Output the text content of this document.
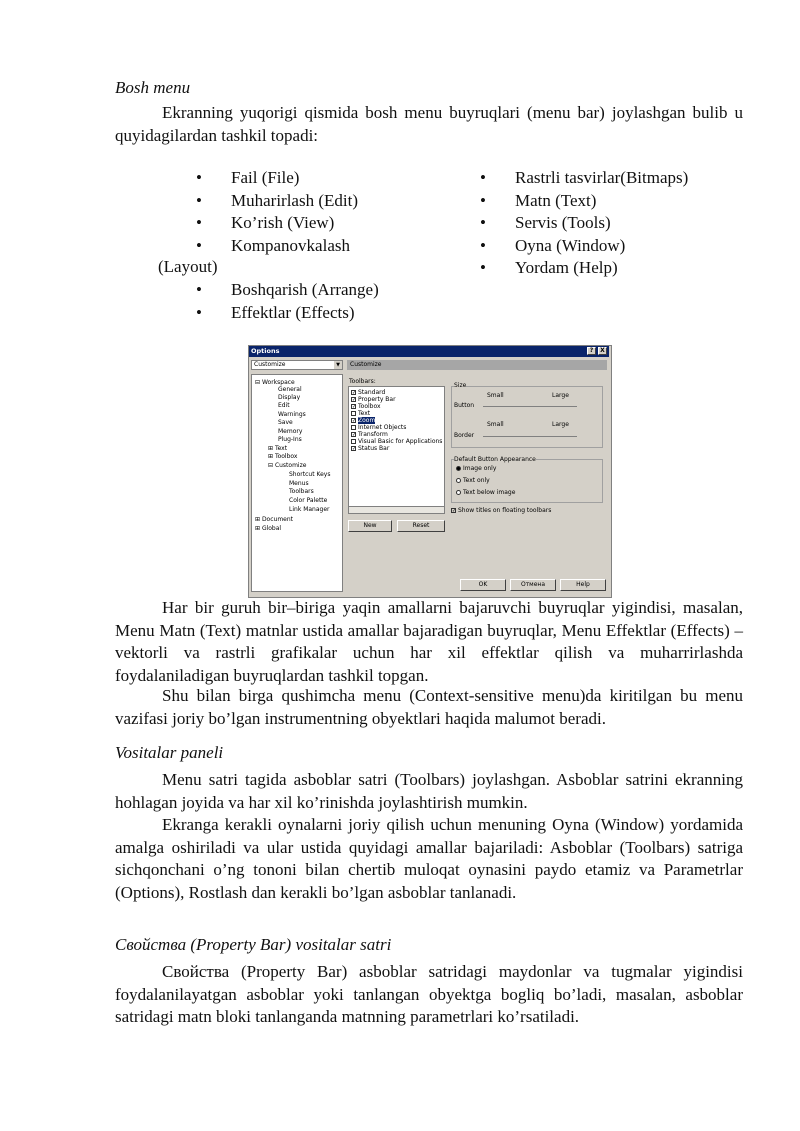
Bosh menu

Ekranning yuqorigi qismida bosh menu buyruqlari (menu bar) joylashgan bulib u quyidagilardan tashkil topadi:

• Fail (File)
• Muharirlash (Edit)
• Ko’rish (View)
• Kompanovkalash
(Layout)
• Boshqarish (Arrange)
• Effektlar (Effects)
• Rastrli tasvirlar(Bitmaps)
• Matn (Text)
• Servis (Tools)
• Oyna (Window)
• Yordam (Help)
Options	?	X
Customize	▼
⊟ Workspace
General
Display
Edit
Warnings
Save
Memory
Plug-Ins
⊞ Text
⊞ Toolbox
⊟ Customize
Shortcut Keys
Menus
Toolbars
Color Palette
Link Manager
⊞ Document
⊞ Global
Customize
Toolbars:
✓ Standard
✓ Property Bar
✓ Toolbox
Text
✓ Zoom
Internet Objects
✓ Transform
Visual Basic for Applications
✓ Status Bar
New	Reset
Size
Small	Large
Button
Small	Large
Border
Default Button Appearance
Image only
Text only
Text below image
✓ Show titles on floating toolbars
OK	Отмена	Help

Har bir guruh bir–biriga yaqin amallarni bajaruvchi buyruqlar yigindisi, masalan, Menu Matn (Text) matnlar ustida amallar bajaradigan buyruqlar, Menu Effektlar (Effects) – vektorli va rastrli grafikalar uchun har xil effektlar qilish va muharrirlashda foydalaniladigan buyruqlardan tashkil topgan.

Shu bilan birga qushimcha menu (Context-sensitive menu)da kiritilgan bu menu vazifasi joriy bo’lgan instrumentning obyektlari haqida malumot beradi.

Vositalar paneli

Menu satri tagida asboblar satri (Toolbars) joylashgan. Asboblar satrini ekranning hohlagan joyida va har xil ko’rinishda joylashtirish mumkin.

Ekranga kerakli oynalarni joriy qilish uchun menuning Oyna (Window) yordamida amalga oshiriladi va ular ustida quyidagi amallar bajariladi: Asboblar (Toolbars) satriga sichqonchani o’ng tononi bilan chertib muloqat oynasini paydo etamiz va Parametrlar (Options), Rostlash dan kerakli bo’lgan asboblar tanlanadi.

Свойства (Property Bar) vositalar satri

Свойства (Property Bar) asboblar satridagi maydonlar va tugmalar yigindisi foydalanilayatgan asboblar yoki tanlangan obyektga bogliq bo’ladi, masalan, asboblar satridagi matn bloki tanlanganda matnning parametrlari ko’rsatiladi.
